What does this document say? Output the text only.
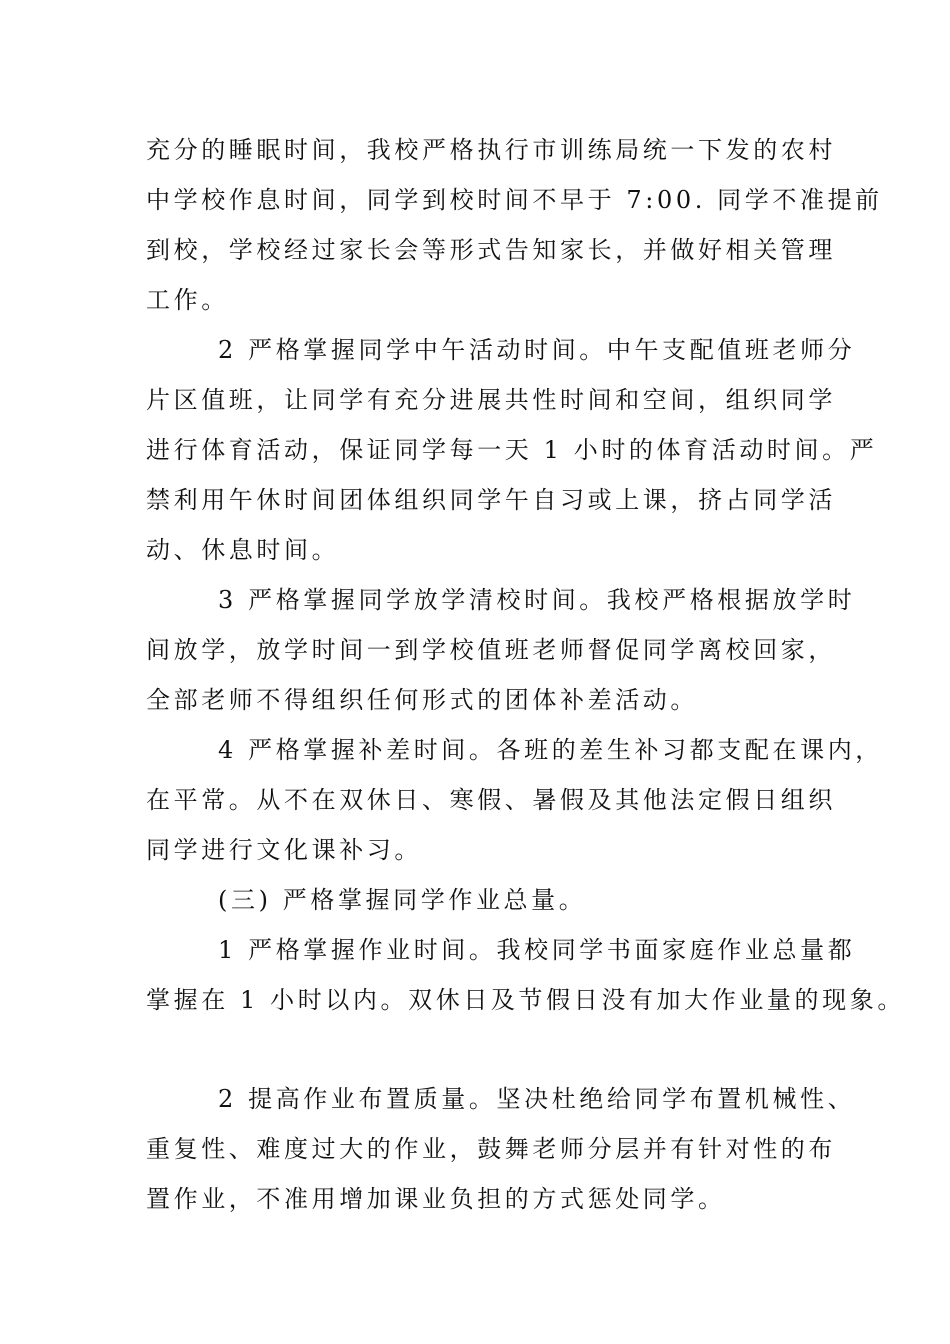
充分的睡眠时间，我校严格执行市训练局统一下发的农村
中学校作息时间，同学到校时间不早于 7:00. 同学不准提前
到校，学校经过家长会等形式告知家长，并做好相关管理
工作。
2 严格掌握同学中午活动时间。中午支配值班老师分
片区值班，让同学有充分进展共性时间和空间，组织同学
进行体育活动，保证同学每一天 1 小时的体育活动时间。严
禁利用午休时间团体组织同学午自习或上课，挤占同学活
动、休息时间。
3 严格掌握同学放学清校时间。我校严格根据放学时
间放学，放学时间一到学校值班老师督促同学离校回家，
全部老师不得组织任何形式的团体补差活动。
4 严格掌握补差时间。各班的差生补习都支配在课内，
在平常。从不在双休日、寒假、暑假及其他法定假日组织
同学进行文化课补习。
(三) 严格掌握同学作业总量。
1 严格掌握作业时间。我校同学书面家庭作业总量都
掌握在 1 小时以内。双休日及节假日没有加大作业量的现象。
2 提高作业布置质量。坚决杜绝给同学布置机械性、
重复性、难度过大的作业，鼓舞老师分层并有针对性的布
置作业，不准用增加课业负担的方式惩处同学。
